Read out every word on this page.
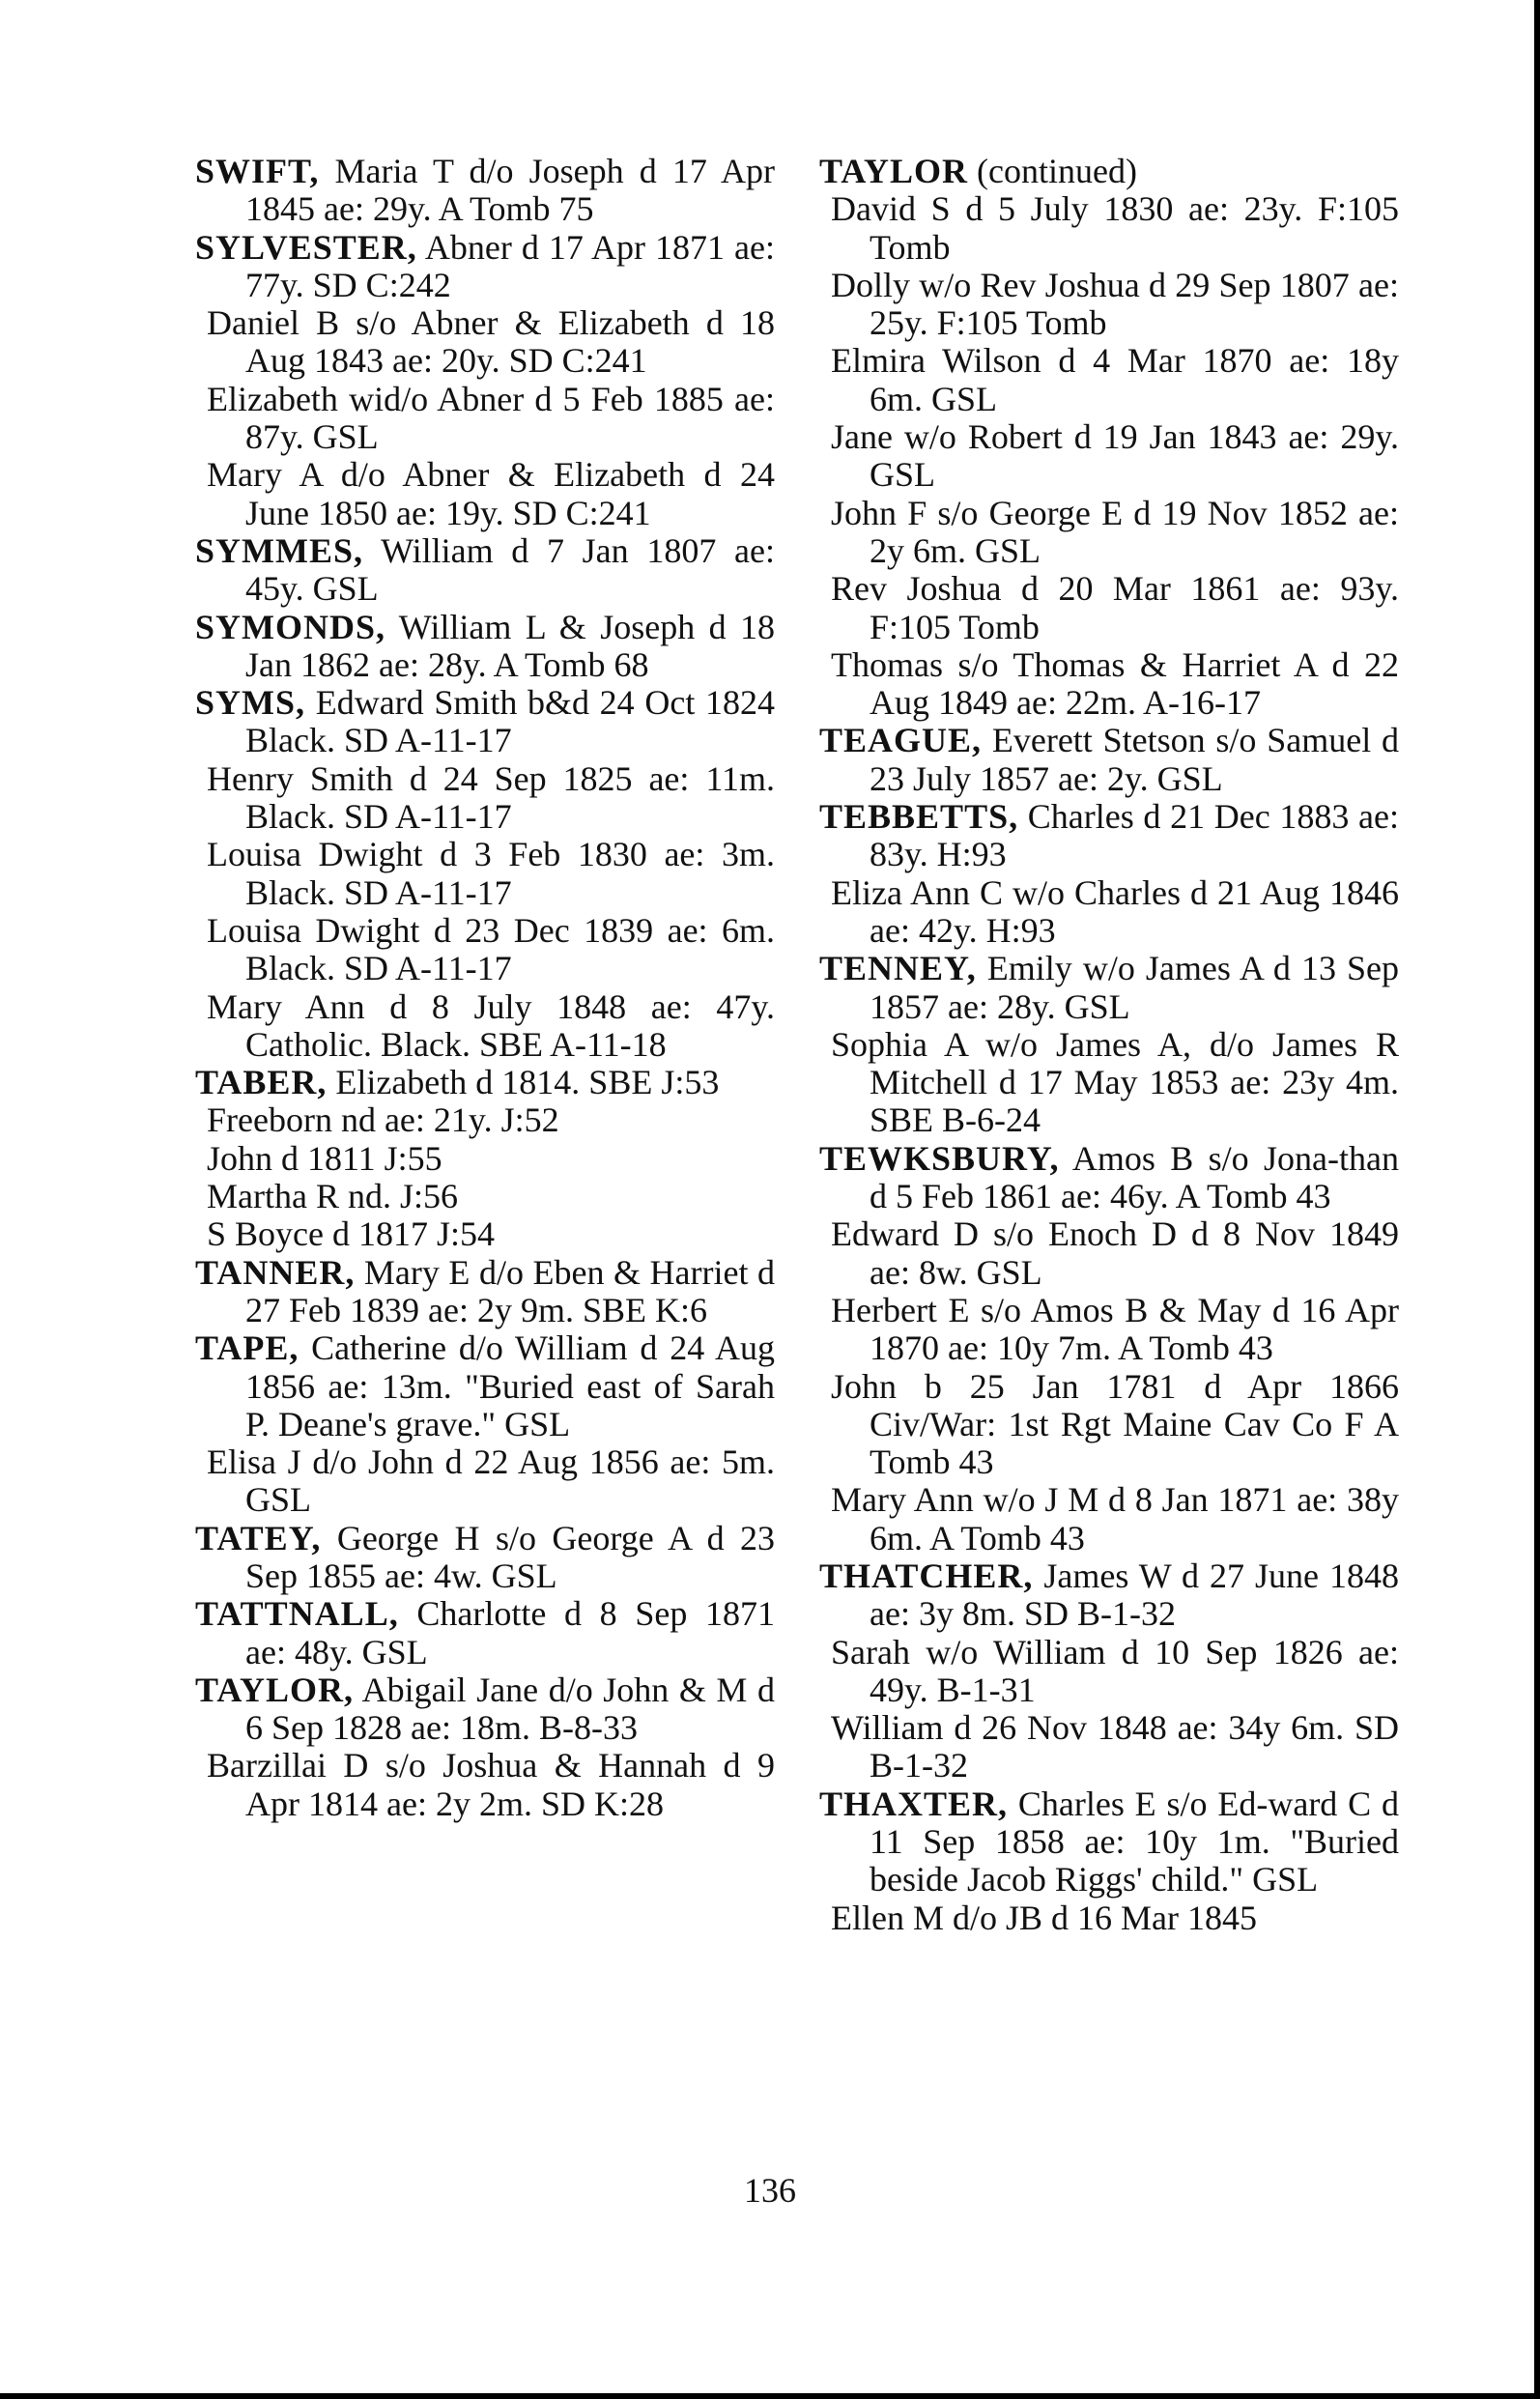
SWIFT, Maria T d/o Joseph d 17 Apr 1845 ae: 29y. A Tomb 75

SYLVESTER, Abner d 17 Apr 1871 ae: 77y. SD C:242

Daniel B s/o Abner & Elizabeth d 18 Aug 1843 ae: 20y. SD C:241

Elizabeth wid/o Abner d 5 Feb 1885 ae: 87y. GSL

Mary A d/o Abner & Elizabeth d 24 June 1850 ae: 19y. SD C:241

SYMMES, William d 7 Jan 1807 ae: 45y. GSL

SYMONDS, William L & Joseph d 18 Jan 1862 ae: 28y. A Tomb 68

SYMS, Edward Smith b&d 24 Oct 1824 Black. SD A-11-17

Henry Smith d 24 Sep 1825 ae: 11m. Black. SD A-11-17

Louisa Dwight d 3 Feb 1830 ae: 3m. Black. SD A-11-17

Louisa Dwight d 23 Dec 1839 ae: 6m. Black. SD A-11-17

Mary Ann d 8 July 1848 ae: 47y. Catholic. Black. SBE A-11-18

TABER, Elizabeth d 1814. SBE J:53

Freeborn nd ae: 21y. J:52

John d 1811 J:55

Martha R nd. J:56

S Boyce d 1817 J:54

TANNER, Mary E d/o Eben & Harriet d 27 Feb 1839 ae: 2y 9m. SBE K:6

TAPE, Catherine d/o William d 24 Aug 1856 ae: 13m. "Buried east of Sarah P. Deane's grave." GSL

Elisa J d/o John d 22 Aug 1856 ae: 5m. GSL

TATEY, George H s/o George A d 23 Sep 1855 ae: 4w. GSL

TATTNALL, Charlotte d 8 Sep 1871 ae: 48y. GSL

TAYLOR, Abigail Jane d/o John & M d 6 Sep 1828 ae: 18m. B-8-33

Barzillai D s/o Joshua & Hannah d 9 Apr 1814 ae: 2y 2m. SD K:28

TAYLOR (continued)

David S d 5 July 1830 ae: 23y. F:105 Tomb

Dolly w/o Rev Joshua d 29 Sep 1807 ae: 25y. F:105 Tomb

Elmira Wilson d 4 Mar 1870 ae: 18y 6m. GSL

Jane w/o Robert d 19 Jan 1843 ae: 29y. GSL

John F s/o George E d 19 Nov 1852 ae: 2y 6m. GSL

Rev Joshua d 20 Mar 1861 ae: 93y. F:105 Tomb

Thomas s/o Thomas & Harriet A d 22 Aug 1849 ae: 22m. A-16-17

TEAGUE, Everett Stetson s/o Samuel d 23 July 1857 ae: 2y. GSL

TEBBETTS, Charles d 21 Dec 1883 ae: 83y. H:93

Eliza Ann C w/o Charles d 21 Aug 1846 ae: 42y. H:93

TENNEY, Emily w/o James A d 13 Sep 1857 ae: 28y. GSL

Sophia A w/o James A, d/o James R Mitchell d 17 May 1853 ae: 23y 4m. SBE B-6-24

TEWKSBURY, Amos B s/o Jona-than d 5 Feb 1861 ae: 46y. A Tomb 43

Edward D s/o Enoch D d 8 Nov 1849 ae: 8w. GSL

Herbert E s/o Amos B & May d 16 Apr 1870 ae: 10y 7m. A Tomb 43

John b 25 Jan 1781 d Apr 1866 Civ/War: 1st Rgt Maine Cav Co F A Tomb 43

Mary Ann w/o J M d 8 Jan 1871 ae: 38y 6m. A Tomb 43

THATCHER, James W d 27 June 1848 ae: 3y 8m. SD B-1-32

Sarah w/o William d 10 Sep 1826 ae: 49y. B-1-31

William d 26 Nov 1848 ae: 34y 6m. SD B-1-32

THAXTER, Charles E s/o Ed-ward C d 11 Sep 1858 ae: 10y 1m. "Buried beside Jacob Riggs' child." GSL

Ellen M d/o JB d 16 Mar 1845

136
